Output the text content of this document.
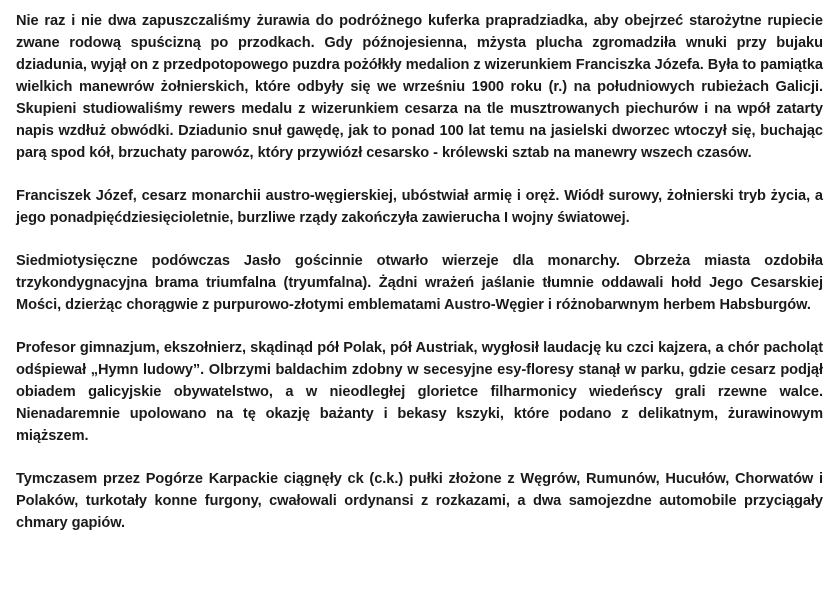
Nie raz i nie dwa zapuszczaliśmy żurawia do podróżnego kuferka prapradziadka, aby obejrzeć starożytne rupiecie zwane rodową spuścizną po przodkach. Gdy późnojesienna, mżysta plucha zgromadziła wnuki przy bujaku dziadunia, wyjął on z przedpotopowego puzdra pożółkły medalion z wizerunkiem Franciszka Józefa. Była to pamiątka wielkich manewrów żołnierskich, które odbyły się we wrześniu 1900 roku (r.) na południowych rubieżach Galicji. Skupieni studiowaliśmy rewers medalu z wizerunkiem cesarza na tle musztrowanych piechurów i na wpół zatarty napis wzdłuż obwódki. Dziadunio snuł gawędę, jak to ponad 100 lat temu na jasielski dworzec wtoczył się, buchając parą spod kół, brzuchaty parowóz, który przywiózł cesarsko - królewski sztab na manewry wszech czasów.

Franciszek Józef, cesarz monarchii austro-węgierskiej, ubóstwiał armię i oręż. Wiódł surowy, żołnierski tryb życia, a jego ponadpięćdziesięcioletnie, burzliwe rządy zakończyła zawierucha I wojny światowej.

Siedmiotysięczne podówczas Jasło gościnnie otwarło wierzeje dla monarchy. Obrzeża miasta ozdobiła trzykondygnacyjna brama triumfalna (tryumfalna). Żądni wrażeń jaślanie tłumnie oddawali hołd Jego Cesarskiej Mości, dzierżąc chorągwie z purpurowo-złotymi emblematami Austro-Węgier i różnobarwnym herbem Habsburgów.

Profesor gimnazjum, ekszołnierz, skądinąd pół Polak, pół Austriak, wygłosił laudację ku czci kajzera, a chór pacholąt odśpiewał „Hymn ludowy”. Olbrzymi baldachim zdobny w secesyjne esy-floresy stanął w parku, gdzie cesarz podjął obiadem galicyjskie obywatelstwo, a w nieodległej glorietce filharmonicy wiedeńscy grali rzewne walce. Nienadaremnie upolowano na tę okazję bażanty i bekasy kszyki, które podano z delikatnym, żurawinowym miąższem.

Tymczasem przez Pogórze Karpackie ciągnęły ck (c.k.) pułki złożone z Węgrów, Rumunów, Hucułów, Chorwatów i Polaków, turkotały konne furgony, cwałowali ordynansi z rozkazami, a dwa samojezdne automobile przyciągały chmary gapiów.
